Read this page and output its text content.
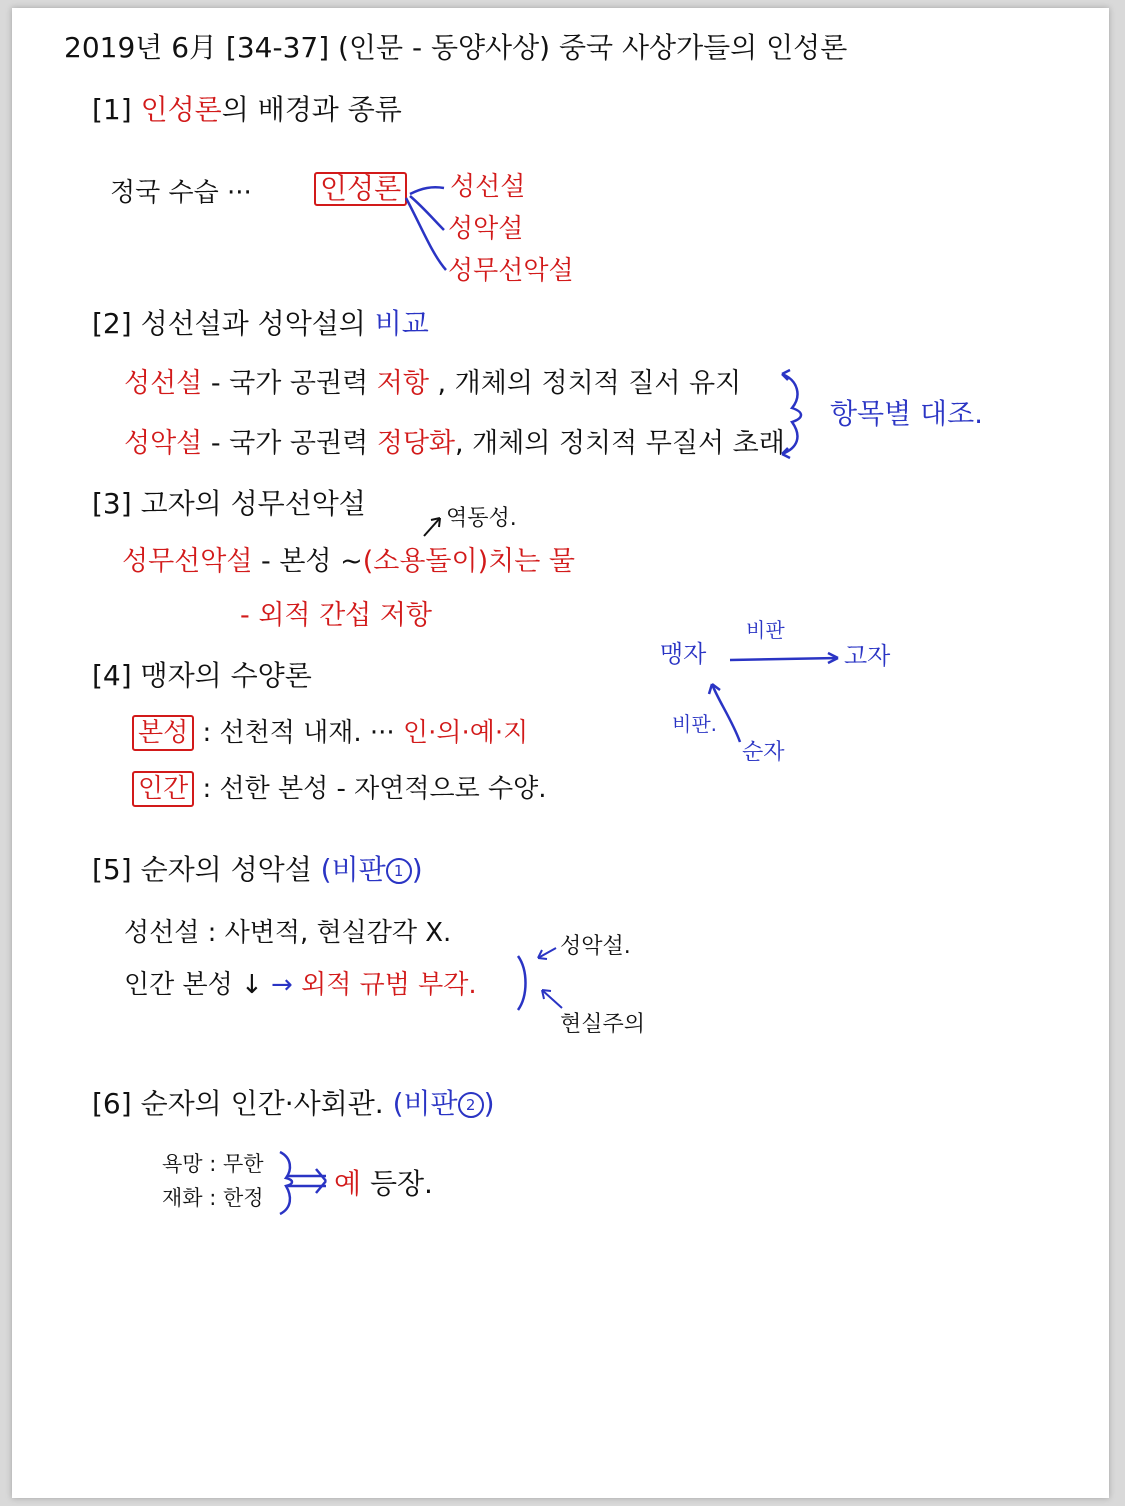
2019년 6月 [34-37] (인문 - 동양사상) 중국 사상가들의 인성론
[1] 인성론의 배경과 종류
정국 수습 ··· 인성론 성선설
성악설
성무선악설
[2] 성선설과 성악설의 비교
성선설 - 국가 공권력 저항 , 개체의 정치적 질서 유지
성악설 - 국가 공권력 정당화, 개체의 정치적 무질서 초래
항목별 대조.
[3] 고자의 성무선악설	역동성.
성무선악설 - 본성 ~(소용돌이)치는 물
- 외적 간섭 저항
맹자	고자
비판
비판.
순자
[4] 맹자의 수양론
본성 : 선천적 내재. ··· 인·의·예·지
인간 : 선한 본성 - 자연적으로 수양.
[5] 순자의 성악설 (비판 1 )
성선설 : 사변적, 현실감각 X.
인간 본성 ↓ → 외적 규범 부각.
성악설.
현실주의
[6] 순자의 인간·사회관. (비판 2 )
욕망 : 무한
재화 : 한정	예 등장.
